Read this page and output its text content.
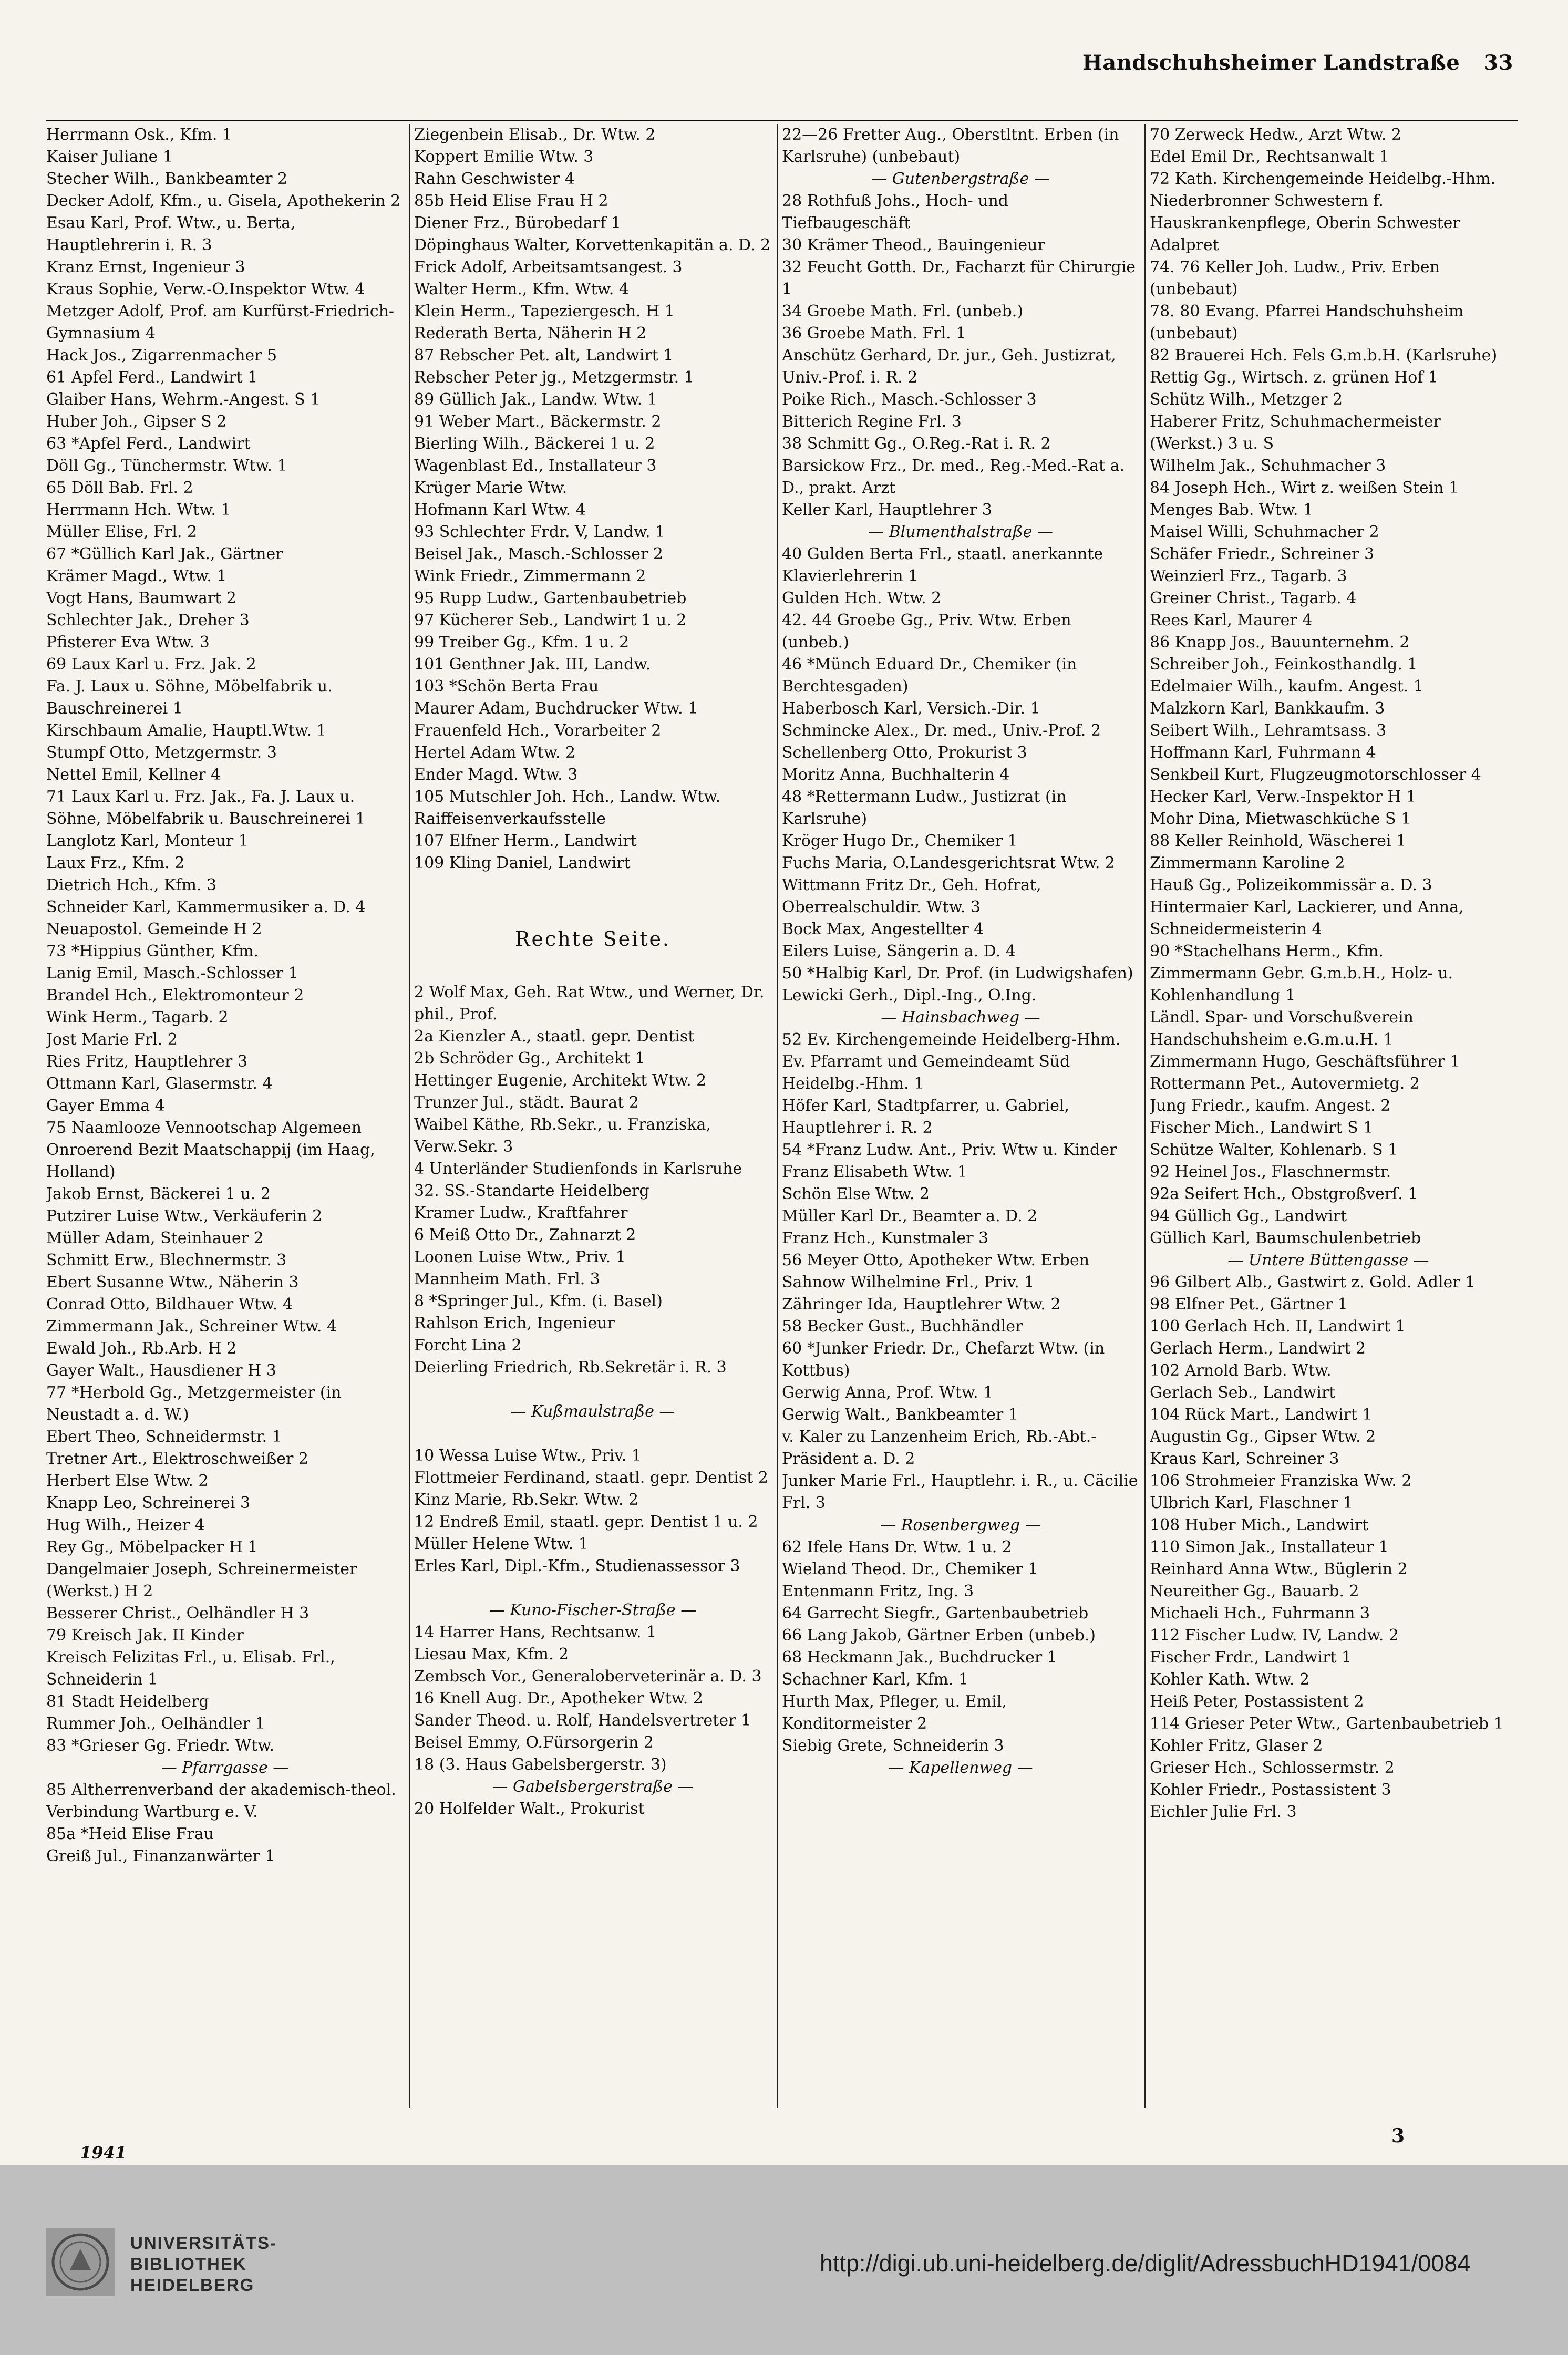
Handschuhsheimer Landstraße 33
Herrmann Osk., Kfm. 1
Kaiser Juliane 1
Stecher Wilh., Bankbeamter 2
Decker Adolf, Kfm., u. Gisela, Apothekerin 2
Esau Karl, Prof. Wtw., u. Berta, Hauptlehrerin i. R. 3
Kranz Ernst, Ingenieur 3
Kraus Sophie, Verw.-O.Inspektor Wtw. 4
Metzger Adolf, Prof. am Kurfürst-Friedrich-Gymnasium 4
Hack Jos., Zigarrenmacher 5
61 Apfel Ferd., Landwirt 1
Glaiber Hans, Wehrm.-Angest. S 1
Huber Joh., Gipser S 2
63 *Apfel Ferd., Landwirt
Döll Gg., Tünchermstr. Wtw. 1
65 Döll Bab. Frl. 2
Herrmann Hch. Wtw. 1
Müller Elise, Frl. 2
67 *Güllich Karl Jak., Gärtner
Krämer Magd., Wtw. 1
Vogt Hans, Baumwart 2
Schlechter Jak., Dreher 3
Pfisterer Eva Wtw. 3
69 Laux Karl u. Frz. Jak. 2
Fa. J. Laux u. Söhne, Möbelfabrik u. Bauschreinerei 1
Kirschbaum Amalie, Hauptl.Wtw. 1
Stumpf Otto, Metzgermstr. 3
Nettel Emil, Kellner 4
71 Laux Karl u. Frz. Jak., Fa. J. Laux u. Söhne, Möbelfabrik u. Bauschreinerei 1
Langlotz Karl, Monteur 1
Laux Frz., Kfm. 2
Dietrich Hch., Kfm. 3
Schneider Karl, Kammermusiker a. D. 4
Neuapostol. Gemeinde H 2
73 *Hippius Günther, Kfm.
Lanig Emil, Masch.-Schlosser 1
Brandel Hch., Elektromonteur 2
Wink Herm., Tagarb. 2
Jost Marie Frl. 2
Ries Fritz, Hauptlehrer 3
Ottmann Karl, Glasermstr. 4
Gayer Emma 4
75 Naamlooze Vennootschap Algemeen Onroerend Bezit Maatschappij (im Haag, Holland)
Jakob Ernst, Bäckerei 1 u. 2
Putzirer Luise Wtw., Verkäuferin 2
Müller Adam, Steinhauer 2
Schmitt Erw., Blechnermstr. 3
Ebert Susanne Wtw., Näherin 3
Conrad Otto, Bildhauer Wtw. 4
Zimmermann Jak., Schreiner Wtw. 4
Ewald Joh., Rb.Arb. H 2
Gayer Walt., Hausdiener H 3
77 *Herbold Gg., Metzgermeister (in Neustadt a. d. W.)
Ebert Theo, Schneidermstr. 1
Tretner Art., Elektroschweißer 2
Herbert Else Wtw. 2
Knapp Leo, Schreinerei 3
Hug Wilh., Heizer 4
Rey Gg., Möbelpacker H 1
Dangelmaier Joseph, Schreinermeister (Werkst.) H 2
Besserer Christ., Oelhändler H 3
79 Kreisch Jak. II Kinder
Kreisch Felizitas Frl., u. Elisab. Frl., Schneiderin 1
81 Stadt Heidelberg
Rummer Joh., Oelhändler 1
83 *Grieser Gg. Friedr. Wtw.
— Pfarrgasse —
85 Altherrenverband der akademisch-theol. Verbindung Wartburg e. V.
85a *Heid Elise Frau
Greiß Jul., Finanzanwärter 1
Ziegenbein Elisab., Dr. Wtw. 2
Koppert Emilie Wtw. 3
Rahn Geschwister 4
85b Heid Elise Frau H 2
Diener Frz., Bürobedarf 1
Döpinghaus Walter, Korvettenkapitän a. D. 2
Frick Adolf, Arbeitsamtsangest. 3
Walter Herm., Kfm. Wtw. 4
Klein Herm., Tapeziergesch. H 1
Rederath Berta, Näherin H 2
87 Rebscher Pet. alt, Landwirt 1
Rebscher Peter jg., Metzgermstr. 1
89 Güllich Jak., Landw. Wtw. 1
91 Weber Mart., Bäckermstr. 2
Bierling Wilh., Bäckerei 1 u. 2
Wagenblast Ed., Installateur 3
Krüger Marie Wtw.
Hofmann Karl Wtw. 4
93 Schlechter Frdr. V, Landw. 1
Beisel Jak., Masch.-Schlosser 2
Wink Friedr., Zimmermann 2
95 Rupp Ludw., Gartenbaubetrieb
97 Kücherer Seb., Landwirt 1 u. 2
99 Treiber Gg., Kfm. 1 u. 2
101 Genthner Jak. III, Landw.
103 *Schön Berta Frau
Maurer Adam, Buchdrucker Wtw. 1
Frauenfeld Hch., Vorarbeiter 2
Hertel Adam Wtw. 2
Ender Magd. Wtw. 3
105 Mutschler Joh. Hch., Landw. Wtw.
Raiffeisenverkaufsstelle
107 Elfner Herm., Landwirt
109 Kling Daniel, Landwirt
Rechte Seite.
2 Wolf Max, Geh. Rat Wtw., und Werner, Dr. phil., Prof.
2a Kienzler A., staatl. gepr. Dentist
2b Schröder Gg., Architekt 1
Hettinger Eugenie, Architekt Wtw. 2
Trunzer Jul., städt. Baurat 2
Waibel Käthe, Rb.Sekr., u. Franziska, Verw.Sekr. 3
4 Unterländer Studienfonds in Karlsruhe
32. SS.-Standarte Heidelberg
Kramer Ludw., Kraftfahrer
6 Meiß Otto Dr., Zahnarzt 2
Loonen Luise Wtw., Priv. 1
Mannheim Math. Frl. 3
8 *Springer Jul., Kfm. (i. Basel)
Rahlson Erich, Ingenieur
Forcht Lina 2
Deierling Friedrich, Rb.Sekretär i. R. 3
— Kußmaulstraße —
10 Wessa Luise Wtw., Priv. 1
Flottmeier Ferdinand, staatl. gepr. Dentist 2
Kinz Marie, Rb.Sekr. Wtw. 2
12 Endreß Emil, staatl. gepr. Dentist 1 u. 2
Müller Helene Wtw. 1
Erles Karl, Dipl.-Kfm., Studienassessor 3
— Kuno-Fischer-Straße —
14 Harrer Hans, Rechtsanw. 1
Liesau Max, Kfm. 2
Zembsch Vor., Generaloberveterinär a. D. 3
16 Knell Aug. Dr., Apotheker Wtw. 2
Sander Theod. u. Rolf, Handelsvertreter 1
Beisel Emmy, O.Fürsorgerin 2
18 (3. Haus Gabelsbergerstr. 3)
— Gabelsbergerstraße —
20 Holfelder Walt., Prokurist
22—26 Fretter Aug., Oberstltnt. Erben (in Karlsruhe) (unbebaut)
— Gutenbergstraße —
28 Rothfuß Johs., Hoch- und Tiefbaugeschäft
30 Krämer Theod., Bauingenieur
32 Feucht Gotth. Dr., Facharzt für Chirurgie 1
34 Groebe Math. Frl. (unbeb.)
36 Groebe Math. Frl. 1
Anschütz Gerhard, Dr. jur., Geh. Justizrat, Univ.-Prof. i. R. 2
Poike Rich., Masch.-Schlosser 3
Bitterich Regine Frl. 3
38 Schmitt Gg., O.Reg.-Rat i. R. 2
Barsickow Frz., Dr. med., Reg.-Med.-Rat a. D., prakt. Arzt
Keller Karl, Hauptlehrer 3
— Blumenthalstraße —
40 Gulden Berta Frl., staatl. anerkannte Klavierlehrerin 1
Gulden Hch. Wtw. 2
42. 44 Groebe Gg., Priv. Wtw. Erben (unbeb.)
46 *Münch Eduard Dr., Chemiker (in Berchtesgaden)
Haberbosch Karl, Versich.-Dir. 1
Schmincke Alex., Dr. med., Univ.-Prof. 2
Schellenberg Otto, Prokurist 3
Moritz Anna, Buchhalterin 4
48 *Rettermann Ludw., Justizrat (in Karlsruhe)
Kröger Hugo Dr., Chemiker 1
Fuchs Maria, O.Landesgerichtsrat Wtw. 2
Wittmann Fritz Dr., Geh. Hofrat, Oberrealschuldir. Wtw. 3
Bock Max, Angestellter 4
Eilers Luise, Sängerin a. D. 4
50 *Halbig Karl, Dr. Prof. (in Ludwigshafen)
Lewicki Gerh., Dipl.-Ing., O.Ing.
— Hainsbachweg —
52 Ev. Kirchengemeinde Heidelberg-Hhm.
Ev. Pfarramt und Gemeindeamt Süd Heidelbg.-Hhm. 1
Höfer Karl, Stadtpfarrer, u. Gabriel, Hauptlehrer i. R. 2
54 *Franz Ludw. Ant., Priv. Wtw u. Kinder
Franz Elisabeth Wtw. 1
Schön Else Wtw. 2
Müller Karl Dr., Beamter a. D. 2
Franz Hch., Kunstmaler 3
56 Meyer Otto, Apotheker Wtw. Erben
Sahnow Wilhelmine Frl., Priv. 1
Zähringer Ida, Hauptlehrer Wtw. 2
58 Becker Gust., Buchhändler
60 *Junker Friedr. Dr., Chefarzt Wtw. (in Kottbus)
Gerwig Anna, Prof. Wtw. 1
Gerwig Walt., Bankbeamter 1
v. Kaler zu Lanzenheim Erich, Rb.-Abt.-Präsident a. D. 2
Junker Marie Frl., Hauptlehr. i. R., u. Cäcilie Frl. 3
— Rosenbergweg —
62 Ifele Hans Dr. Wtw. 1 u. 2
Wieland Theod. Dr., Chemiker 1
Entenmann Fritz, Ing. 3
64 Garrecht Siegfr., Gartenbaubetrieb
66 Lang Jakob, Gärtner Erben (unbeb.)
68 Heckmann Jak., Buchdrucker 1
Schachner Karl, Kfm. 1
Hurth Max, Pfleger, u. Emil, Konditormeister 2
Siebig Grete, Schneiderin 3
— Kapellenweg —
70 Zerweck Hedw., Arzt Wtw. 2
Edel Emil Dr., Rechtsanwalt 1
72 Kath. Kirchengemeinde Heidelbg.-Hhm.
Niederbronner Schwestern f. Hauskrankenpflege, Oberin Schwester Adalpret
74. 76 Keller Joh. Ludw., Priv. Erben (unbebaut)
78. 80 Evang. Pfarrei Handschuhsheim (unbebaut)
82 Brauerei Hch. Fels G.m.b.H. (Karlsruhe)
Rettig Gg., Wirtsch. z. grünen Hof 1
Schütz Wilh., Metzger 2
Haberer Fritz, Schuhmachermeister (Werkst.) 3 u. S
Wilhelm Jak., Schuhmacher 3
84 Joseph Hch., Wirt z. weißen Stein 1
Menges Bab. Wtw. 1
Maisel Willi, Schuhmacher 2
Schäfer Friedr., Schreiner 3
Weinzierl Frz., Tagarb. 3
Greiner Christ., Tagarb. 4
Rees Karl, Maurer 4
86 Knapp Jos., Bauunternehm. 2
Schreiber Joh., Feinkosthandlg. 1
Edelmaier Wilh., kaufm. Angest. 1
Malzkorn Karl, Bankkaufm. 3
Seibert Wilh., Lehramtsass. 3
Hoffmann Karl, Fuhrmann 4
Senkbeil Kurt, Flugzeugmotorschlosser 4
Hecker Karl, Verw.-Inspektor H 1
Mohr Dina, Mietwaschküche S 1
88 Keller Reinhold, Wäscherei 1
Zimmermann Karoline 2
Hauß Gg., Polizeikommissär a. D. 3
Hintermaier Karl, Lackierer, und Anna, Schneidermeisterin 4
90 *Stachelhans Herm., Kfm.
Zimmermann Gebr. G.m.b.H., Holz- u. Kohlenhandlung 1
Ländl. Spar- und Vorschußverein Handschuhsheim e.G.m.u.H. 1
Zimmermann Hugo, Geschäftsführer 1
Rottermann Pet., Autovermietg. 2
Jung Friedr., kaufm. Angest. 2
Fischer Mich., Landwirt S 1
Schütze Walter, Kohlenarb. S 1
92 Heinel Jos., Flaschnermstr.
92a Seifert Hch., Obstgroßverſ. 1
94 Güllich Gg., Landwirt
Güllich Karl, Baumschulenbetrieb
— Untere Büttengasse —
96 Gilbert Alb., Gastwirt z. Gold. Adler 1
98 Elfner Pet., Gärtner 1
100 Gerlach Hch. II, Landwirt 1
Gerlach Herm., Landwirt 2
102 Arnold Barb. Wtw.
Gerlach Seb., Landwirt
104 Rück Mart., Landwirt 1
Augustin Gg., Gipser Wtw. 2
Kraus Karl, Schreiner 3
106 Strohmeier Franziska Ww. 2
Ulbrich Karl, Flaschner 1
108 Huber Mich., Landwirt
110 Simon Jak., Installateur 1
Reinhard Anna Wtw., Büglerin 2
Neureither Gg., Bauarb. 2
Michaeli Hch., Fuhrmann 3
112 Fischer Ludw. IV, Landw. 2
Fischer Frdr., Landwirt 1
Kohler Kath. Wtw. 2
Heiß Peter, Postassistent 2
114 Grieser Peter Wtw., Gartenbaubetrieb 1
Kohler Fritz, Glaser 2
Grieser Hch., Schlossermstr. 2
Kohler Friedr., Postassistent 3
Eichler Julie Frl. 3
1941
3
UNIVERSITÄTS-
BIBLIOTHEK
HEIDELBERG
http://digi.ub.uni-heidelberg.de/diglit/AdressbuchHD1941/0084
